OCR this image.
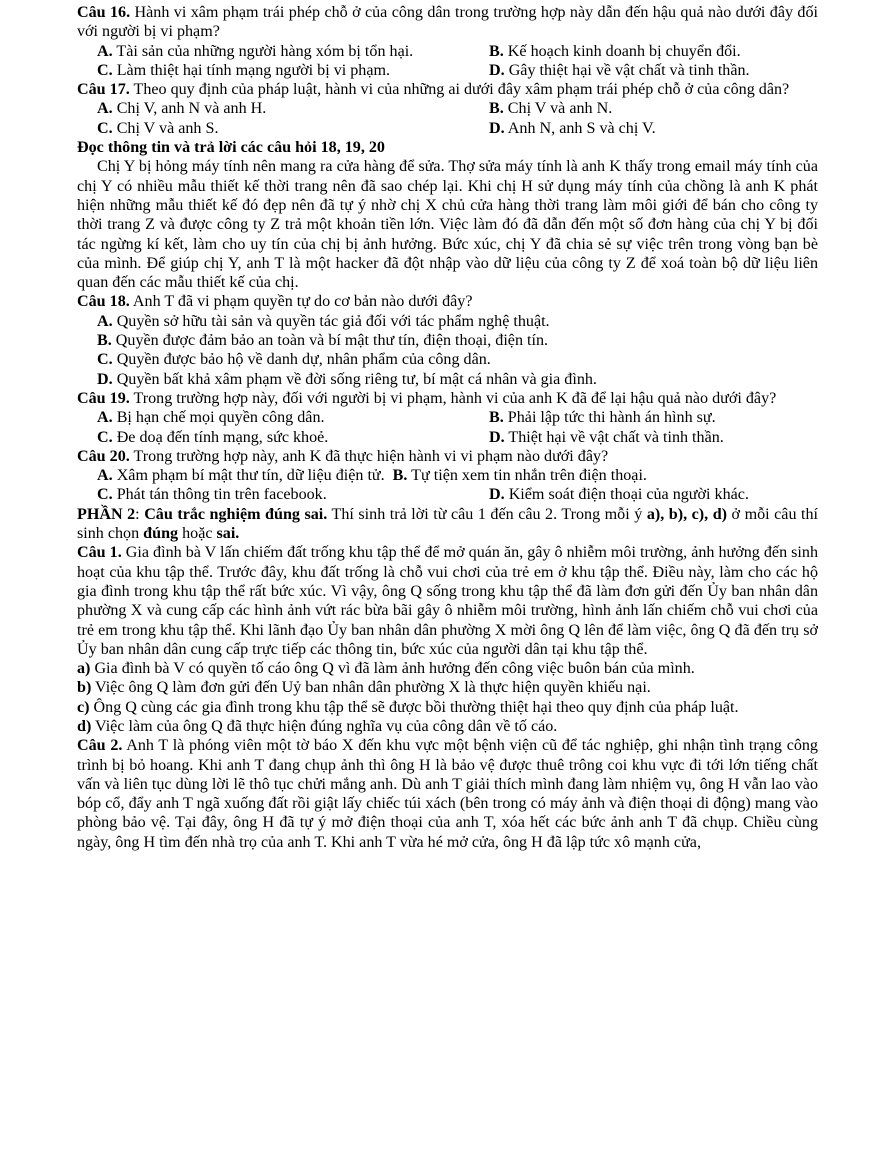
Câu 16. Hành vi xâm phạm trái phép chỗ ở của công dân trong trường hợp này dẫn đến hậu quả nào dưới đây đối với người bị vi phạm?

A. Tài sản của những người hàng xóm bị tổn hại.	B. Kế hoạch kinh doanh bị chuyển đổi.
C. Làm thiệt hại tính mạng người bị vi phạm.	D. Gây thiệt hại về vật chất và tinh thần.

Câu 17. Theo quy định của pháp luật, hành vi của những ai dưới đây xâm phạm trái phép chỗ ở của công dân?

A. Chị V, anh N và anh H.	B. Chị V và anh N.
C. Chị V và anh S.	D. Anh N, anh S và chị V.

Đọc thông tin và trả lời các câu hỏi 18, 19, 20

Chị Y bị hỏng máy tính nên mang ra cửa hàng để sửa. Thợ sửa máy tính là anh K thấy trong email máy tính của chị Y có nhiều mẫu thiết kế thời trang nên đã sao chép lại. Khi chị H sử dụng máy tính của chồng là anh K phát hiện những mẫu thiết kế đó đẹp nên đã tự ý nhờ chị X chủ cửa hàng thời trang làm môi giới để bán cho công ty thời trang Z và được công ty Z trả một khoản tiền lớn. Việc làm đó đã dẫn đến một số đơn hàng của chị Y bị đối tác ngừng kí kết, làm cho uy tín của chị bị ảnh hưởng. Bức xúc, chị Y đã chia sẻ sự việc trên trong vòng bạn bè của mình. Để giúp chị Y, anh T là một hacker đã đột nhập vào dữ liệu của công ty Z để xoá toàn bộ dữ liệu liên quan đến các mẫu thiết kế của chị.

Câu 18. Anh T đã vi phạm quyền tự do cơ bản nào dưới đây?

A. Quyền sở hữu tài sản và quyền tác giả đối với tác phẩm nghệ thuật.

B. Quyền được đảm bảo an toàn và bí mật thư tín, điện thoại, điện tín.

C. Quyền được bảo hộ về danh dự, nhân phẩm của công dân.

D. Quyền bất khả xâm phạm về đời sống riêng tư, bí mật cá nhân và gia đình.

Câu 19. Trong trường hợp này, đối với người bị vi phạm, hành vi của anh K đã để lại hậu quả nào dưới đây?

A. Bị hạn chế mọi quyền công dân.	B. Phải lập tức thi hành án hình sự.
C. Đe doạ đến tính mạng, sức khoẻ.	D. Thiệt hại về vật chất và tinh thần.

Câu 20. Trong trường hợp này, anh K đã thực hiện hành vi vi phạm nào dưới đây?

A. Xâm phạm bí mật thư tín, dữ liệu điện tử. B. Tự tiện xem tin nhắn trên điện thoại.
C. Phát tán thông tin trên facebook.	D. Kiểm soát điện thoại của người khác.

PHẦN 2: Câu trắc nghiệm đúng sai. Thí sinh trả lời từ câu 1 đến câu 2. Trong mỗi ý a), b), c), d) ở mỗi câu thí sinh chọn đúng hoặc sai.

Câu 1. Gia đình bà V lấn chiếm đất trống khu tập thể để mở quán ăn, gây ô nhiễm môi trường, ảnh hưởng đến sinh hoạt của khu tập thể. Trước đây, khu đất trống là chỗ vui chơi của trẻ em ở khu tập thể. Điều này, làm cho các hộ gia đình trong khu tập thể rất bức xúc. Vì vậy, ông Q sống trong khu tập thể đã làm đơn gửi đến Ủy ban nhân dân phường X và cung cấp các hình ảnh vứt rác bừa bãi gây ô nhiễm môi trường, hình ảnh lấn chiếm chỗ vui chơi của trẻ em trong khu tập thể. Khi lãnh đạo Ủy ban nhân dân phường X mời ông Q lên để làm việc, ông Q đã đến trụ sở Ủy ban nhân dân cung cấp trực tiếp các thông tin, bức xúc của người dân tại khu tập thể.

a) Gia đình bà V có quyền tố cáo ông Q vì đã làm ảnh hưởng đến công việc buôn bán của mình.

b) Việc ông Q làm đơn gửi đến Uỷ ban nhân dân phường X là thực hiện quyền khiếu nại.

c) Ông Q cùng các gia đình trong khu tập thể sẽ được bồi thường thiệt hại theo quy định của pháp luật.

d) Việc làm của ông Q đã thực hiện đúng nghĩa vụ của công dân về tố cáo.

Câu 2. Anh T là phóng viên một tờ báo X đến khu vực một bệnh viện cũ để tác nghiệp, ghi nhận tình trạng công trình bị bỏ hoang. Khi anh T đang chụp ảnh thì ông H là bảo vệ được thuê trông coi khu vực đi tới lớn tiếng chất vấn và liên tục dùng lời lẽ thô tục chửi mắng anh. Dù anh T giải thích mình đang làm nhiệm vụ, ông H vẫn lao vào bóp cổ, đẩy anh T ngã xuống đất rồi giật lấy chiếc túi xách (bên trong có máy ảnh và điện thoại di động) mang vào phòng bảo vệ. Tại đây, ông H đã tự ý mở điện thoại của anh T, xóa hết các bức ảnh anh T đã chụp. Chiều cùng ngày, ông H tìm đến nhà trọ của anh T. Khi anh T vừa hé mở cửa, ông H đã lập tức xô mạnh cửa,
